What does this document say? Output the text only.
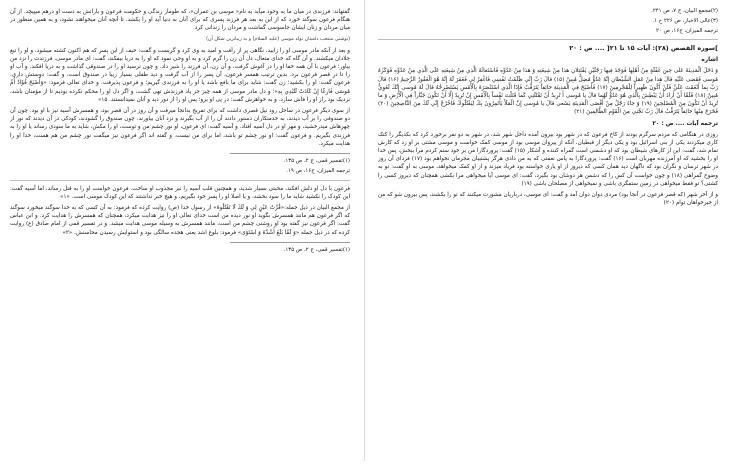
گفتهاند: فرزندی در میان ما به وجود میآید به نام« موسی بن عمران»، که طومار زندگی و حکومت فرعون و یارانش به دست او درهم میپیچد. از آن هنگام فرعون سوگند خورد که از این به بعد هر فرزند پسری که برای آنان به دنیا آید او را بکشد. تا آنچه آنان میخواهند نشود، و به همین منظور در میان مردان و زنان ایشان جاسوسی گماشت و مردان را زندانی کرد.

(نوشتی منتخب داستان تولد موسی (علیه السلام) و به زیباترین شکل آن)

و بعد از آنکه مادر موسی او را زایید، نگاهی پر از رأفت و امید به وی کرد و گریست و گفت: حیف از این پسر که هم اکنون کشته میشود، و او را تیغ جلادان میکشند. و آن گاه که خدای متعال، دل آن زن را گرم کرد و به او وحی نمود که او را به دریا بیفکند، گفت: ای مادر موسی، فرزندت را نزد من بیاور؛ فرعون با آن همه خفا او را در آغوش گرفت، و آن زن، آن فرزند را شیر داد. و چون ترسید او را در صندوقی گذاشت و به دریا افکند. و آب او را تا درِ قصر فرعون برد. بدین ترتیب همسر فرعون، آن پسر را از آب گرفت و دید طفلی بسیار زیبا در صندوق است، و گفت: دوستش داری. فرعون گفت: او را بکشید؛ زن گفت: شاید برای ما نافع باشد یا او را به فرزندی گیریم؛ و فرعون پذیرفت. و خدای تعالی فرمود: «وَأَصْبَحَ فُؤَادُ أُمِّ مُوسَى فَارِغًا إِنْ كَادَتْ لَتُبْدِي بِهِ»؛ و دل مادر موسی از همه چیز جز یاد فرزندش تهی گشت، و اگر دل او را محکم نکرده بودیم تا از مؤمنان باشد، نزدیک بود راز او را فاش سازد. و به خواهرش گفت: در پی او برو؛ پس او را از دور دید و آنان نمیدانستند. ۱۵»

از سوی دیگر فرعون در ساحل رود نیل قصری داشت که برای تفریح بدانجا میرفت و آن روز در آن قصر بود، و همسرش آسیه نیز با او بود. چون آن دو صندوقی را بر آب دیدند، به خدمتکاران دستور دادند آن را از آب بگیرند و نزد آنان بیاورند. چون صندوق را گشودند، کودکی در آن دیدند که نور از چهرهاش میدرخشید، و مهر او در دل آسیه افتاد. و آسیه گفت: ای فرعون، او نور چشم من و توست، او را مکش، شاید به ما سودی رساند یا او را به فرزندی بگیریم. و فرعون گفت: او نور چشم تو باشد، اما برای من نیست. و گفته اند اگر فرعون نیز میگفت نور چشم من هم هست، خدا او را هدایت میکرد.

(۱)تفسیر قمی، ج ۲، ص ۱۳۵.
ترجمه المیزان، ج۱۶، ص ۱۹.

فرعون با دل او دلش افکند، محبتی بسیار شدید، و همچنین قلب آسیه را نیز مجذوب او ساخت. فرعون خواست او را به قتل رساند، اما آسیه گفت: این کودک را نکشید شاید ما را سود بخشد، و یا اصلا او را پسر خود بگیریم، و هیچ خبر نداشتند که این کودک موسی است. «۱»

از مجمع البیان در ذیل جمله:«قُرَّتُ عَيْنٍ لِي وَ لَكَ لَا تَقْتُلُوهُ» از رسول خدا (ص) روایت کرده که فرمود: به آن کسی که به خدا سوگند میخورد سوگند که اگر فرعون هم مانند همسرش بگوید او نور دیده من است خدای تعالی او را نیز هدایت میکرد، همچنان که همسرش را هدایت کرد. و ابن عباس گفت: اگر فرعون نیز گفته بود او روشنی چشم من است، مانند همسرش به وسیله موسی هدایت میشد. و در تفسیر قمی از امام صادق (ع) روایت کرده که در ذیل جمله «وَ لَمَّا بَلَغَ أَشُدَّهُ وَ اسْتَوَى» فرمود: بلوغ اشد یعنی هجده سالگی بود و استوایش رسیدن محاسنش. «۳»

(۱)تفسیر قمی، ج ۲، ص ۱۳۵.
(۲)مجمع البیان، ج ۷، ص ۲۴۱.
(۳)عالی الاخبار، ص ۲۲۶ ح ۱.
ترجمه المیزان، ج۱۶، ص ۲۰
]سوره القصص (۲۸): آیات ۱۵ تا ۲۱[ .... ص : ۲۰
اشاره

وَ دَخَلَ الْمَدِينَةَ عَلى حِينِ غَفْلَةٍ مِنْ أَهْلِها فَوَجَدَ فِيها رَجُلَيْنِ يَقْتَتِلانِ هذا مِنْ شِيعَتِهِ وَ هذا مِنْ عَدُوِّهِ فَاسْتَغاثَهُ الَّذِي مِنْ شِيعَتِهِ عَلَى الَّذِي مِنْ عَدُوِّهِ فَوَكَزَهُ مُوسى فَقَضى عَلَيْهِ قالَ هذا مِنْ عَمَلِ الشَّيْطانِ إِنَّهُ عَدُوٌّ مُضِلٌّ مُبِينٌ (۱۵) قالَ رَبِّ إِنِّي ظَلَمْتُ نَفْسِي فَاغْفِرْ لِي فَغَفَرَ لَهُ إِنَّهُ هُوَ الْغَفُورُ الرَّحِيمُ (۱۶) قالَ رَبِّ بِما أَنْعَمْتَ عَلَيَّ فَلَنْ أَكُونَ ظَهِيراً لِلْمُجْرِمِينَ (۱۷) فَأَصْبَحَ فِي الْمَدِينَةِ خائِفاً يَتَرَقَّبُ فَإِذَا الَّذِي اسْتَنْصَرَهُ بِالْأَمْسِ يَسْتَصْرِخُهُ قالَ لَهُ مُوسى إِنَّكَ لَغَوِيٌّ مُبِينٌ (۱۸) فَلَمَّا أَنْ أَرادَ أَنْ يَبْطِشَ بِالَّذِي هُوَ عَدُوٌّ لَهُما قالَ يا مُوسى أَ تُرِيدُ أَنْ تَقْتُلَنِي كَما قَتَلْتَ نَفْساً بِالْأَمْسِ إِنْ تُرِيدُ إِلَّا أَنْ تَكُونَ جَبَّاراً فِي الْأَرْضِ وَ ما تُرِيدُ أَنْ تَكُونَ مِنَ الْمُصْلِحِينَ (۱۹) وَ جاءَ رَجُلٌ مِنْ أَقْصَى الْمَدِينَةِ يَسْعى قالَ يا مُوسى إِنَّ الْمَلَأَ يَأْتَمِرُونَ بِكَ لِيَقْتُلُوكَ فَاخْرُجْ إِنِّي لَكَ مِنَ النَّاصِحِينَ (۲۰) فَخَرَجَ مِنْها خائِفاً يَتَرَقَّبُ قالَ رَبِّ نَجِّنِي مِنَ الْقَوْمِ الظَّالِمِينَ (۲۱)

ترجمه آیات .... ص : ۲۰

روزی در هنگامی که مردم سرگرم بودند از کاخ فرعون که در شهر بود بیرون آمده داخل شهر شد، در شهر به دو نفر برخورد کرد که بکدیگر را کتک کاری میکردند یکی از بنی اسرائیل بود و یکی دیگر از قبطیان، آنکه از پیروان موسی بود از موسی کمک خواست و موسی مشتی بر او زد که کارش تمام شد، گفت: این از کارهای شیطان بود که او دشمنی است گمراه کننده و آشکار (۱۵) گفت: پروردگارا من بر خود ستم کردم مرا ببخش، پس خدا او را بخشید که او آمرزنده مهربان است (۱۶) گفت: پروردگارا به پاس نعمتی که به من دادی هرگز پشتیبان مجرمان نخواهم بود (۱۷) فردای آن روز در شهر ترسان و نگران بود که ناگهان دید همان کسی که دیروز از او یاری خواسته بود فریاد میزند و از او کمک میخواهد، موسی به او گفت: تو به وضوح گمراهی (۱۸) و چون خواست آن کس را که دشمن هر دوشان بود بگیرد، گفت: ای موسی آیا میخواهی مرا بکشی همچنان که دیروز کسی را کشتی؟ تو فقط میخواهی در زمین ستمگری باشی و نمیخواهی از مصلحان باشی (۱۹)

و از آخر شهر (که قصر فرعون در آنجا بود) مردی دوان دوان آمد و گفت: ای موسی، درباریان مشورت میکنند که تو را بکشند، پس بیرون شو که من از خیرخواهان توام (۲۰)
